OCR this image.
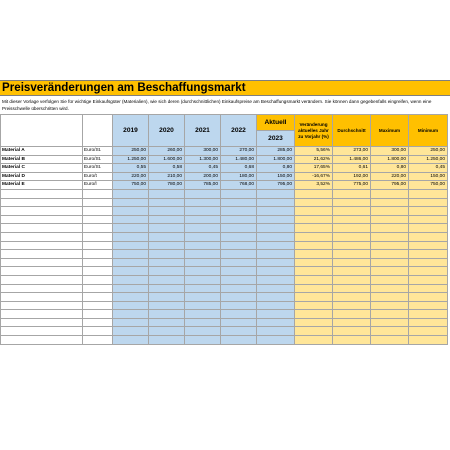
Preisveränderungen am Beschaffungsmarkt
Mit dieser Vorlage verfolgen Sie für wichtige Einkaufsgüter (Materialien), wie sich deren (durchschnittlichen) Einkaufspreise am Beschaffungsmarkt verändern. Sie können dann gegebenfalls eingreifen, wenn eine Preisschwelle überschritten wird.
		2019	2020	2021	2022	Aktuell	Veränderung aktuelles Jahr zu Vorjahr (%)	Durchschnitt	Maximum	Minimum
						2023				
Material A	Euro/St.	250,00	260,00	300,00	270,00	285,00	5,56%	273,00	300,00	250,00
Material B	Euro/St.	1.250,00	1.600,00	1.300,00	1.480,00	1.800,00	21,62%	1.486,00	1.800,00	1.250,00
Material C	Euro/St.	0,55	0,58	0,45	0,68	0,80	17,65%	0,61	0,80	0,45
Material D	Euro/t	220,00	210,00	200,00	180,00	150,00	-16,67%	192,00	220,00	150,00
Material E	Euro/l	750,00	780,00	785,00	768,00	795,00	3,52%	775,00	795,00	750,00
